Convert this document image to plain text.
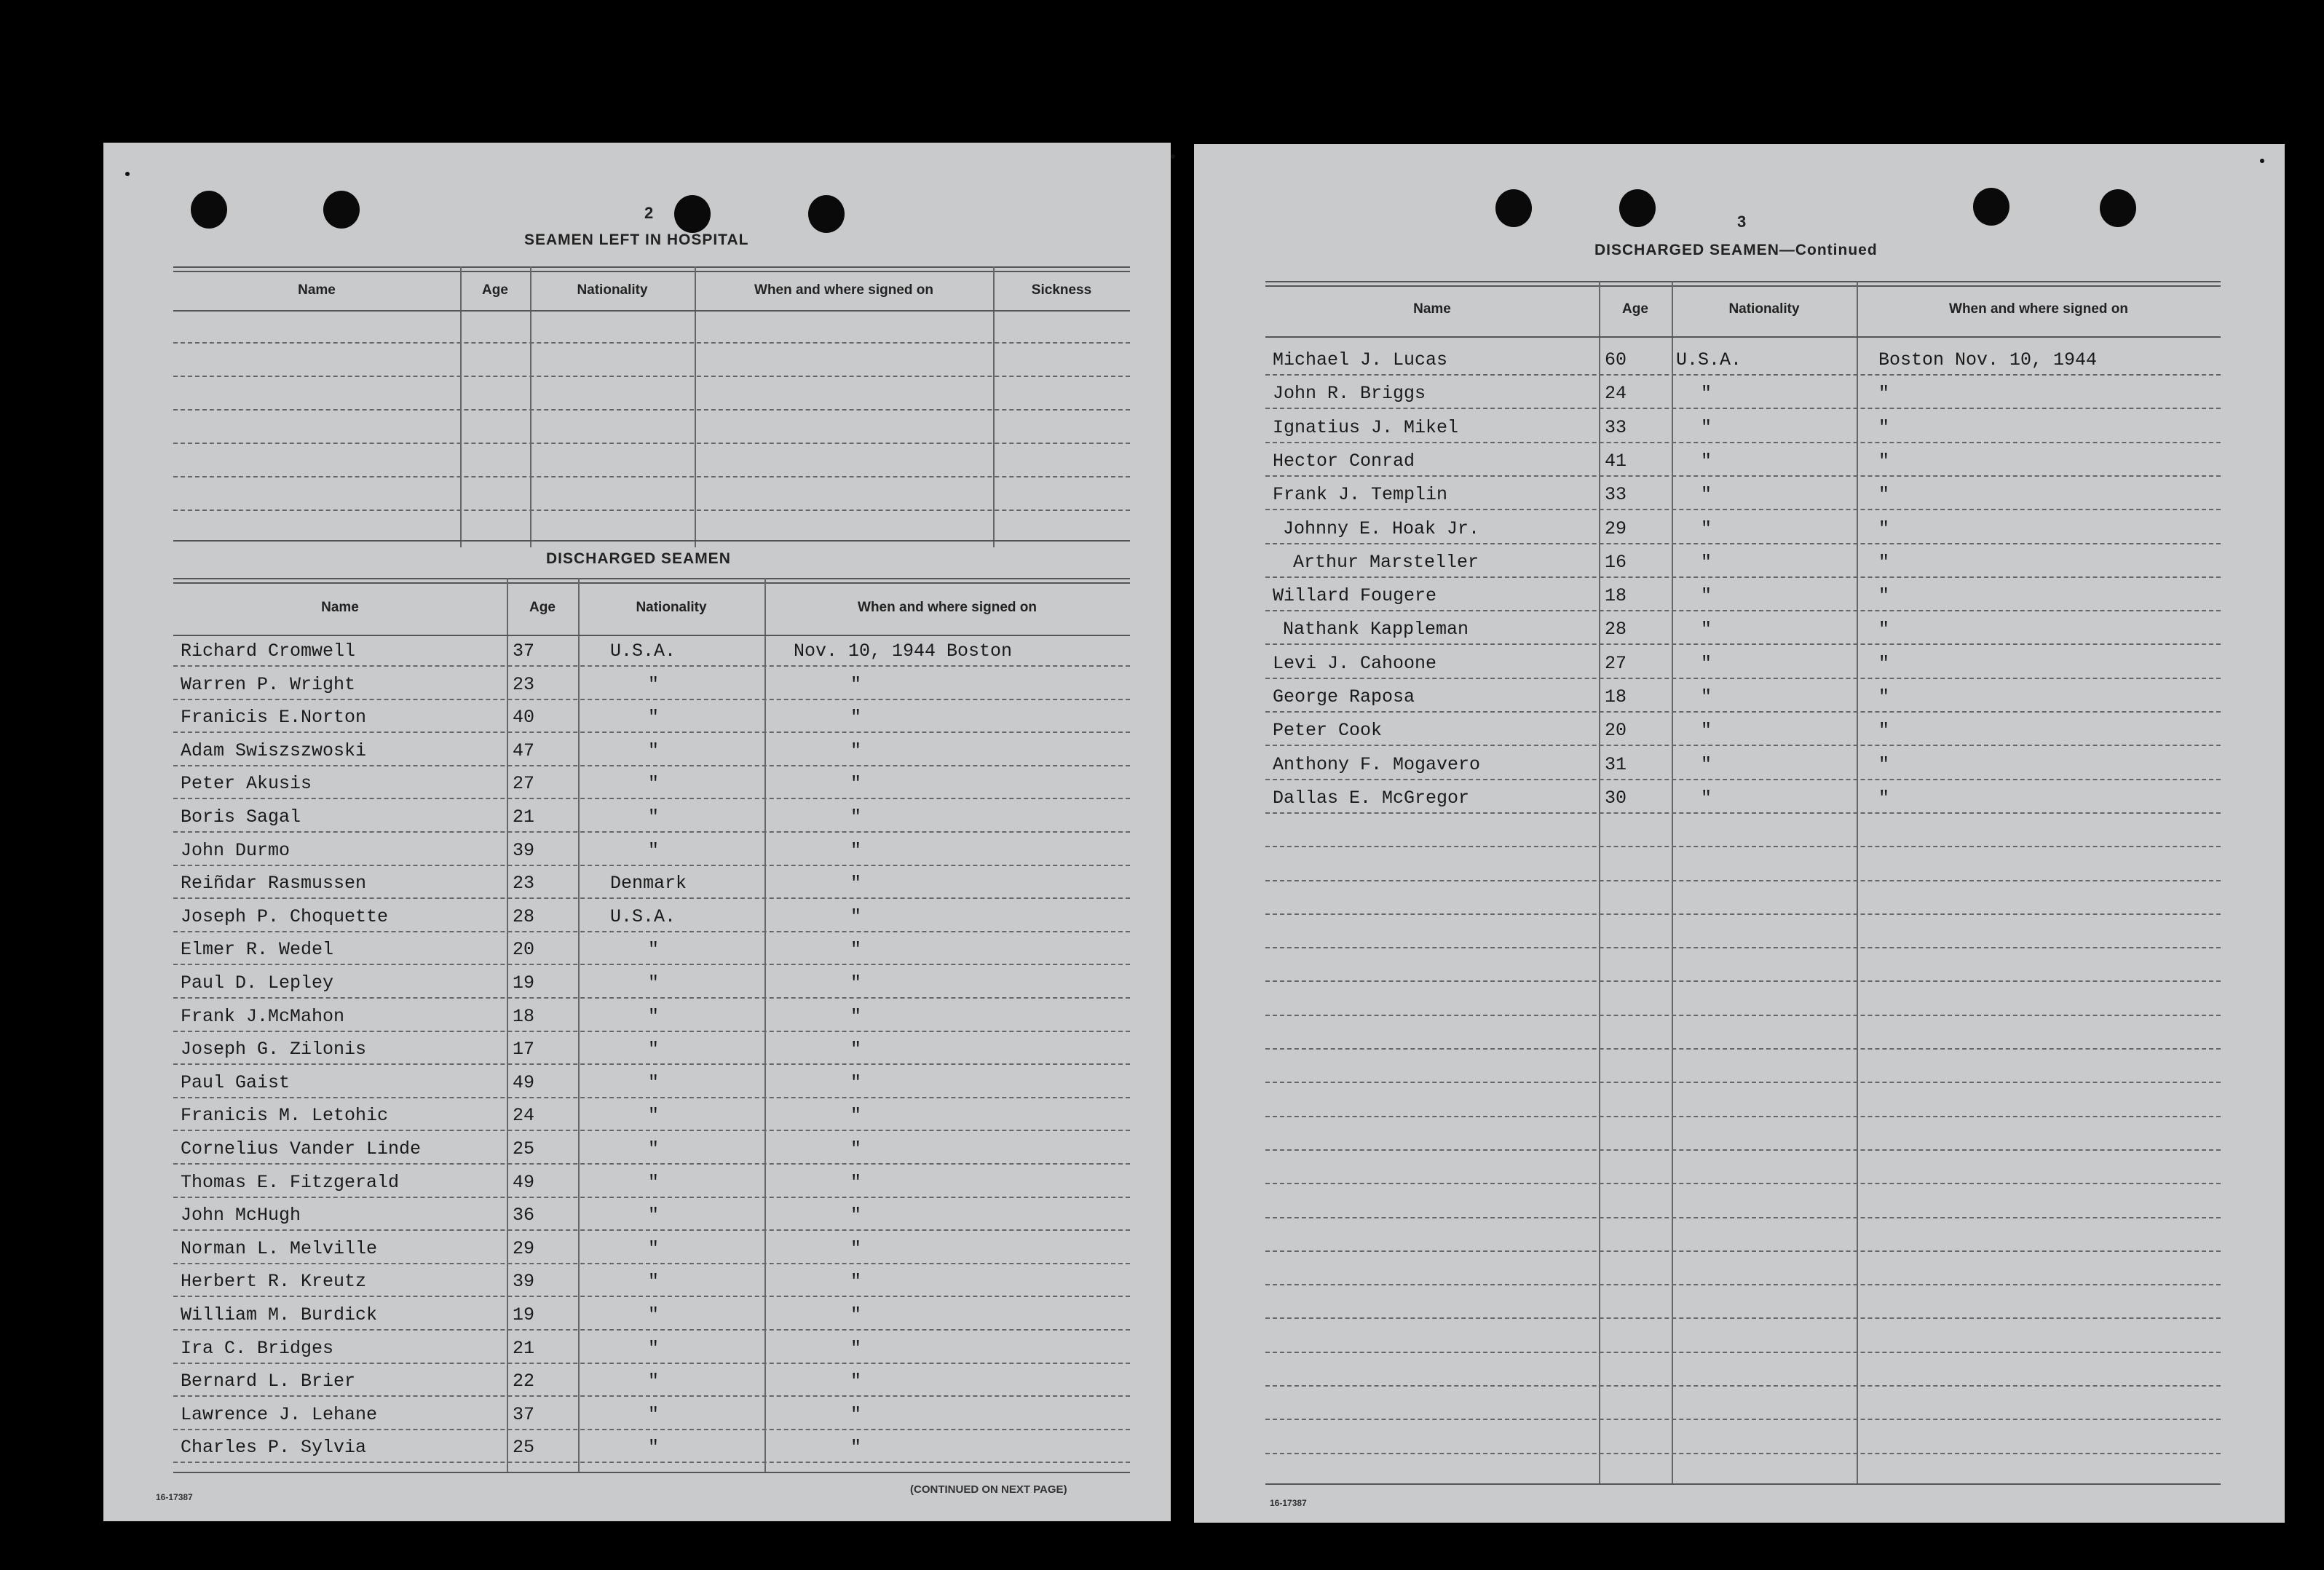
2
SEAMEN LEFT IN HOSPITAL
Name	Age	Nationality	When and where signed on	Sickness
DISCHARGED SEAMEN
Name	Age	Nationality	When and where signed on
Richard Cromwell	37	U.S.A.	Nov. 10, 1944 Boston
Warren P. Wright	23	"	"
Franicis E.Norton	40	"	"
Adam Swiszszwoski	47	"	"
Peter Akusis	27	"	"
Boris Sagal	21	"	"
John Durmo	39	"	"
Reiñdar Rasmussen	23	Denmark	"
Joseph P. Choquette	28	U.S.A.	"
Elmer R. Wedel	20	"	"
Paul D. Lepley	19	"	"
Frank J.McMahon	18	"	"
Joseph G. Zilonis	17	"	"
Paul Gaist	49	"	"
Franicis M. Letohic	24	"	"
Cornelius Vander Linde	25	"	"
Thomas E. Fitzgerald	49	"	"
John McHugh	36	"	"
Norman L. Melville	29	"	"
Herbert R. Kreutz	39	"	"
William M. Burdick	19	"	"
Ira C. Bridges	21	"	"
Bernard L. Brier	22	"	"
Lawrence J. Lehane	37	"	"
Charles P. Sylvia	25	"	"
16-17387
(CONTINUED ON NEXT PAGE)
3
DISCHARGED SEAMEN—Continued
Name	Age	Nationality	When and where signed on
Michael J. Lucas	60	U.S.A.	Boston Nov. 10, 1944
John R. Briggs	24	"	"
Ignatius J. Mikel	33	"	"
Hector Conrad	41	"	"
Frank J. Templin	33	"	"
Johnny E. Hoak Jr.	29	"	"
Arthur Marsteller	16	"	"
Willard Fougere	18	"	"
Nathank Kappleman	28	"	"
Levi J. Cahoone	27	"	"
George Raposa	18	"	"
Peter Cook	20	"	"
Anthony F. Mogavero	31	"	"
Dallas E. McGregor	30	"	"
16-17387
